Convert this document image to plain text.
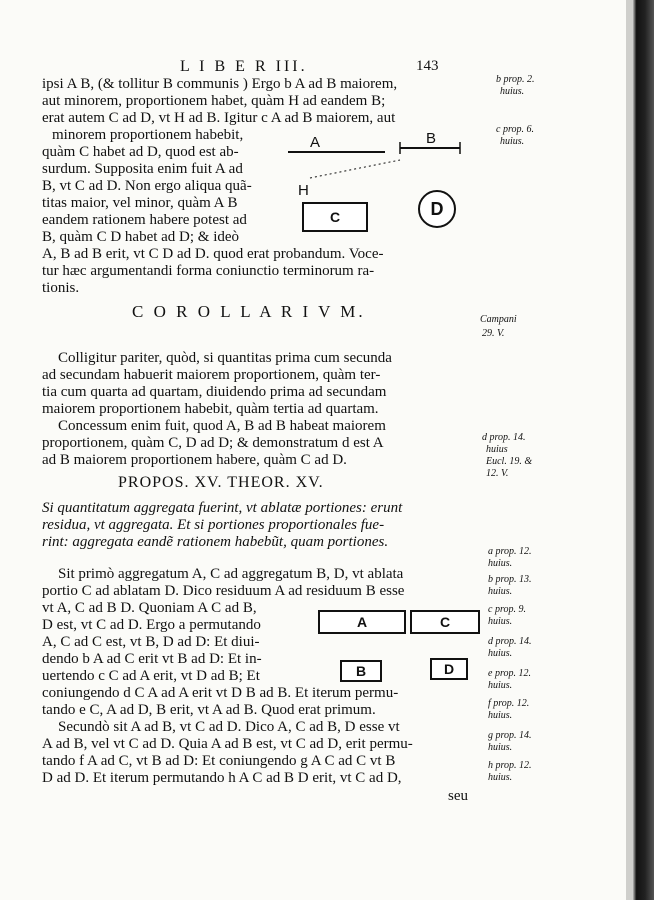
L I B E R III.	143
ipsi A B, (& tollitur B communis ) Ergo b A ad B maiorem,
aut minorem, proportionem habet, quàm H ad eandem B;
erat autem C ad D, vt H ad B. Igitur c A ad B maiorem, aut
minorem proportionem habebit,
quàm C habet ad D, quod est ab-
surdum. Supposita enim fuit A ad
B, vt C ad D. Non ergo aliqua quã-
titas maior, vel minor, quàm A B
eandem rationem habere potest ad
B, quàm C D habet ad D; & ideò
A, B ad B erit, vt C D ad D. quod erat probandum. Voce-
tur hæc argumentandi forma coniunctio terminorum ra-
tionis.
A	B
H
C	D
b prop. 2.
huius.
c prop. 6.
huius.
C O R O L L A R I V M.	Campani
29. V.
Colligitur pariter, quòd, si quantitas prima cum secunda
ad secundam habuerit maiorem proportionem, quàm ter-
tia cum quarta ad quartam, diuidendo prima ad secundam
maiorem proportionem habebit, quàm tertia ad quartam.
Concessum enim fuit, quod A, B ad B habeat maiorem
proportionem, quàm C, D ad D; & demonstratum d est A
ad B maiorem proportionem habere, quàm C ad D.
d prop. 14.
huius
Eucl. 19. &
12. V.
PROPOS. XV. THEOR. XV.
Si quantitatum aggregata fuerint, vt ablatæ portiones: erunt
residua, vt aggregata. Et si portiones proportionales fue-
rint: aggregata eandẽ rationem habebũt, quam portiones.
Sit primò aggregatum A, C ad aggregatum B, D, vt ablata
portio C ad ablatam D. Dico residuum A ad residuum B esse
vt A, C ad B D. Quoniam A C ad B,
D est, vt C ad D. Ergo a permutando
A, C ad C est, vt B, D ad D: Et diui-
dendo b A ad C erit vt B ad D: Et in-
uertendo c C ad A erit, vt D ad B; Et
coniungendo d C A ad A erit vt D B ad B. Et iterum permu-
tando e C, A ad D, B erit, vt A ad B. Quod erat primum.
Secundò sit A ad B, vt C ad D. Dico A, C ad B, D esse vt
A ad B, vel vt C ad D. Quia A ad B est, vt C ad D, erit permu-
tando f A ad C, vt B ad D: Et coniungendo g A C ad C vt B
D ad D. Et iterum permutando h A C ad B D erit, vt C ad D,
seu
A	C
B	D
a prop. 12.
huius.
b prop. 13.
huius.
c prop. 9.
huius.
d prop. 14.
huius.
e prop. 12.
huius.
f prop. 12.
huius.
g prop. 14.
huius.
h prop. 12.
huius.
